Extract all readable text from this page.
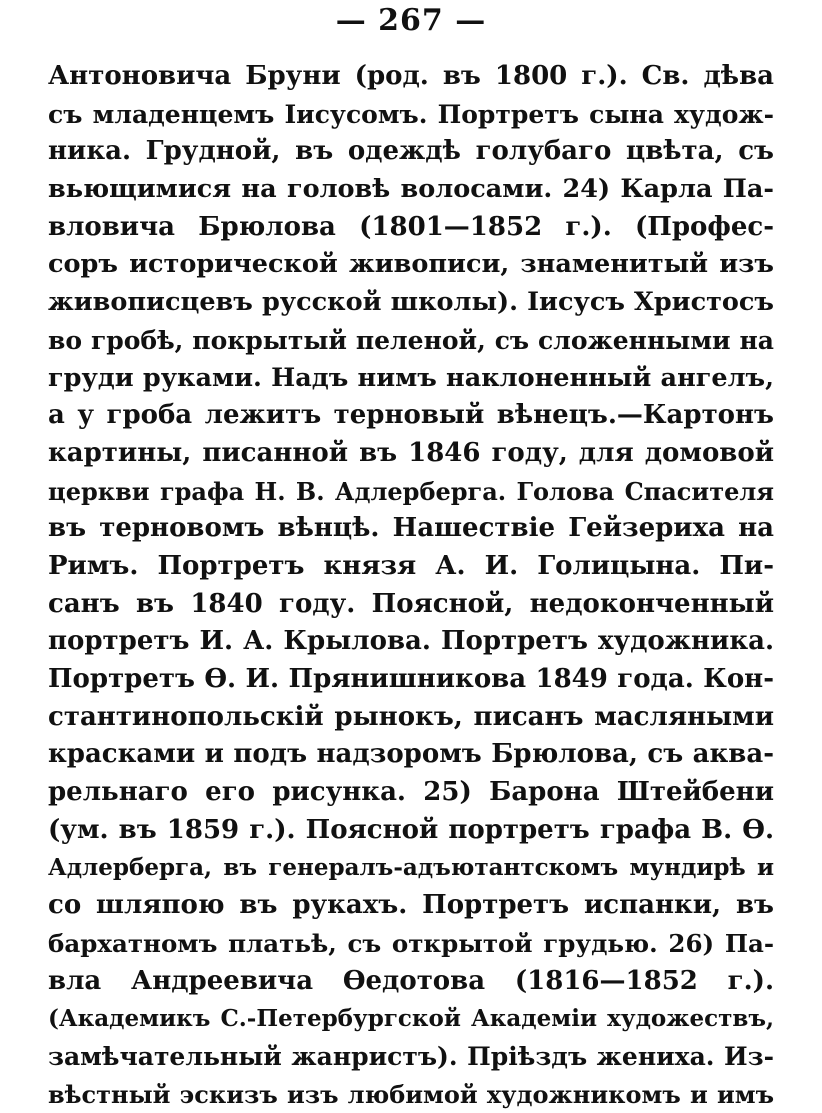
— 267 —
Антоновича Бруни (род. въ 1800 г.). Св. дѣва
съ младенцемъ Іисусомъ. Портретъ сына худож-
ника. Грудной, въ одеждѣ голубаго цвѣта, съ
вьющимися на головѣ волосами. 24) Карла Па-
вловича Брюлова (1801—1852 г.). (Профес-
соръ исторической живописи, знаменитый изъ
живописцевъ русской школы). Іисусъ Христосъ
во гробѣ, покрытый пеленой, съ сложенными на
груди руками. Надъ нимъ наклоненный ангелъ,
а у гроба лежитъ терновый вѣнецъ.—Картонъ
картины, писанной въ 1846 году, для домовой
церкви графа Н. В. Адлерберга. Голова Спасителя
въ терновомъ вѣнцѣ. Нашествіе Гейзериха на
Римъ. Портретъ князя А. И. Голицына. Пи-
санъ въ 1840 году. Поясной, недоконченный
портретъ И. А. Крылова. Портретъ художника.
Портретъ Ө. И. Прянишникова 1849 года. Кон-
стантинопольскій рынокъ, писанъ масляными
красками и подъ надзоромъ Брюлова, съ аква-
рельнаго его рисунка. 25) Барона Штейбени
(ум. въ 1859 г.). Поясной портретъ графа В. Ө.
Адлерберга, въ генералъ-адъютантскомъ мундирѣ и
со шляпою въ рукахъ. Портретъ испанки, въ
бархатномъ платьѣ, съ открытой грудью. 26) Па-
вла Андреевича Өедотова (1816—1852 г.).
(Академикъ С.-Петербургской Академіи художествъ,
замѣчательный жанристъ). Пріѣздъ жениха. Из-
вѣстный эскизъ изъ любимой художникомъ и имъ
